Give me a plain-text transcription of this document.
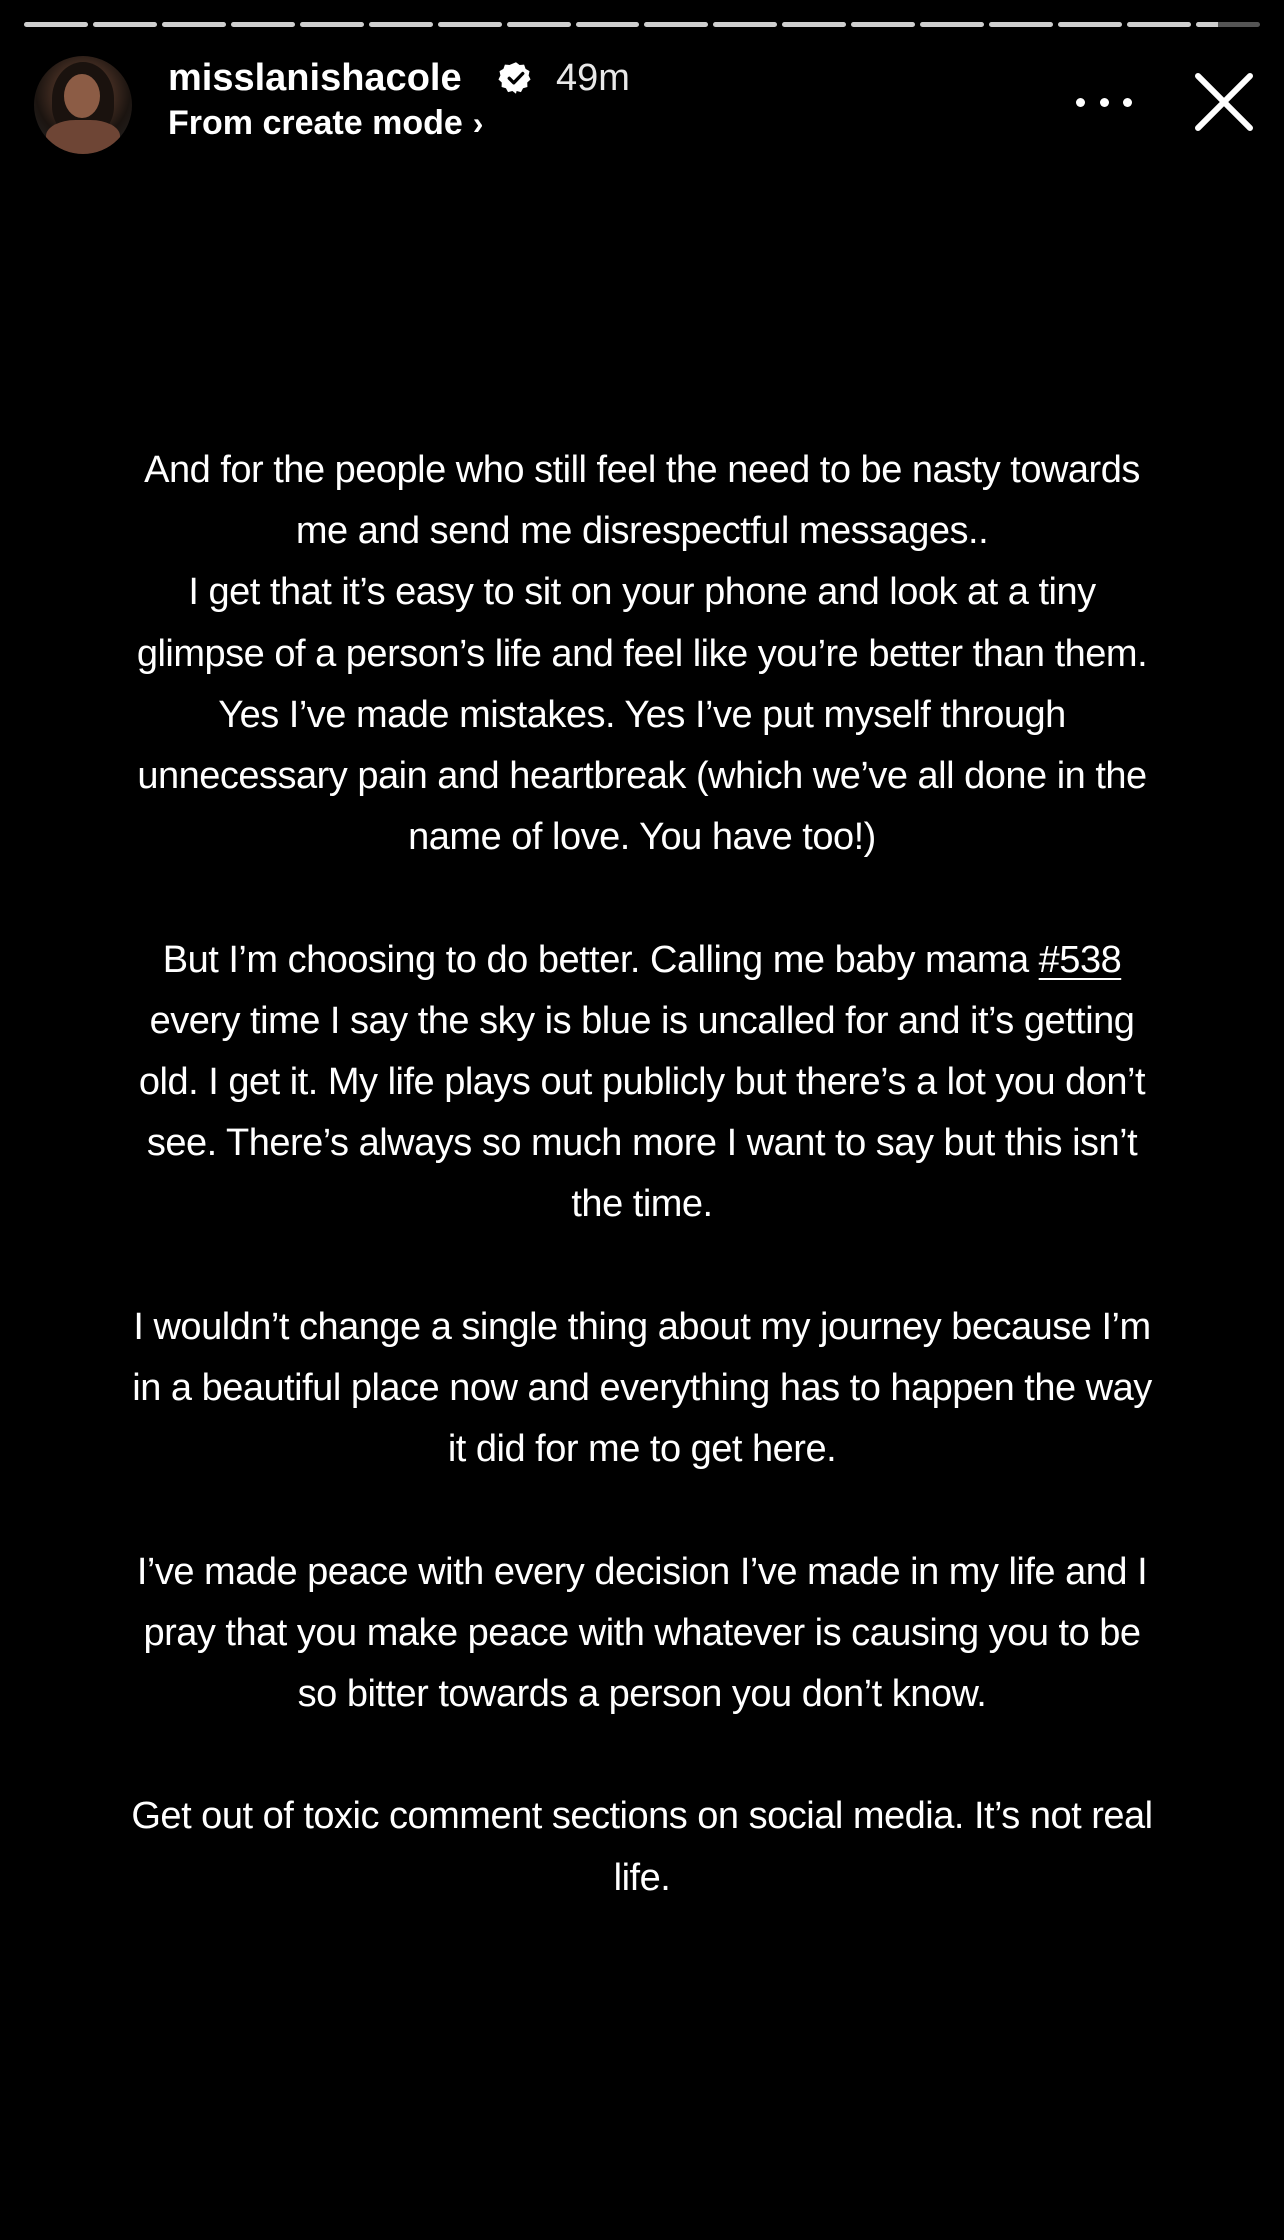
misslanishacole 49m
From create mode ›

And for the people who still feel the need to be nasty towards me and send me disrespectful messages..

I get that it’s easy to sit on your phone and look at a tiny glimpse of a person’s life and feel like you’re better than them. Yes I’ve made mistakes. Yes I’ve put myself through unnecessary pain and heartbreak (which we’ve all done in the name of love. You have too!)

But I’m choosing to do better. Calling me baby mama #538 every time I say the sky is blue is uncalled for and it’s getting old. I get it. My life plays out publicly but there’s a lot you don’t see. There’s always so much more I want to say but this isn’t the time.

I wouldn’t change a single thing about my journey because I’m in a beautiful place now and everything has to happen the way it did for me to get here.

I’ve made peace with every decision I’ve made in my life and I pray that you make peace with whatever is causing you to be so bitter towards a person you don’t know.

Get out of toxic comment sections on social media. It’s not real life.
